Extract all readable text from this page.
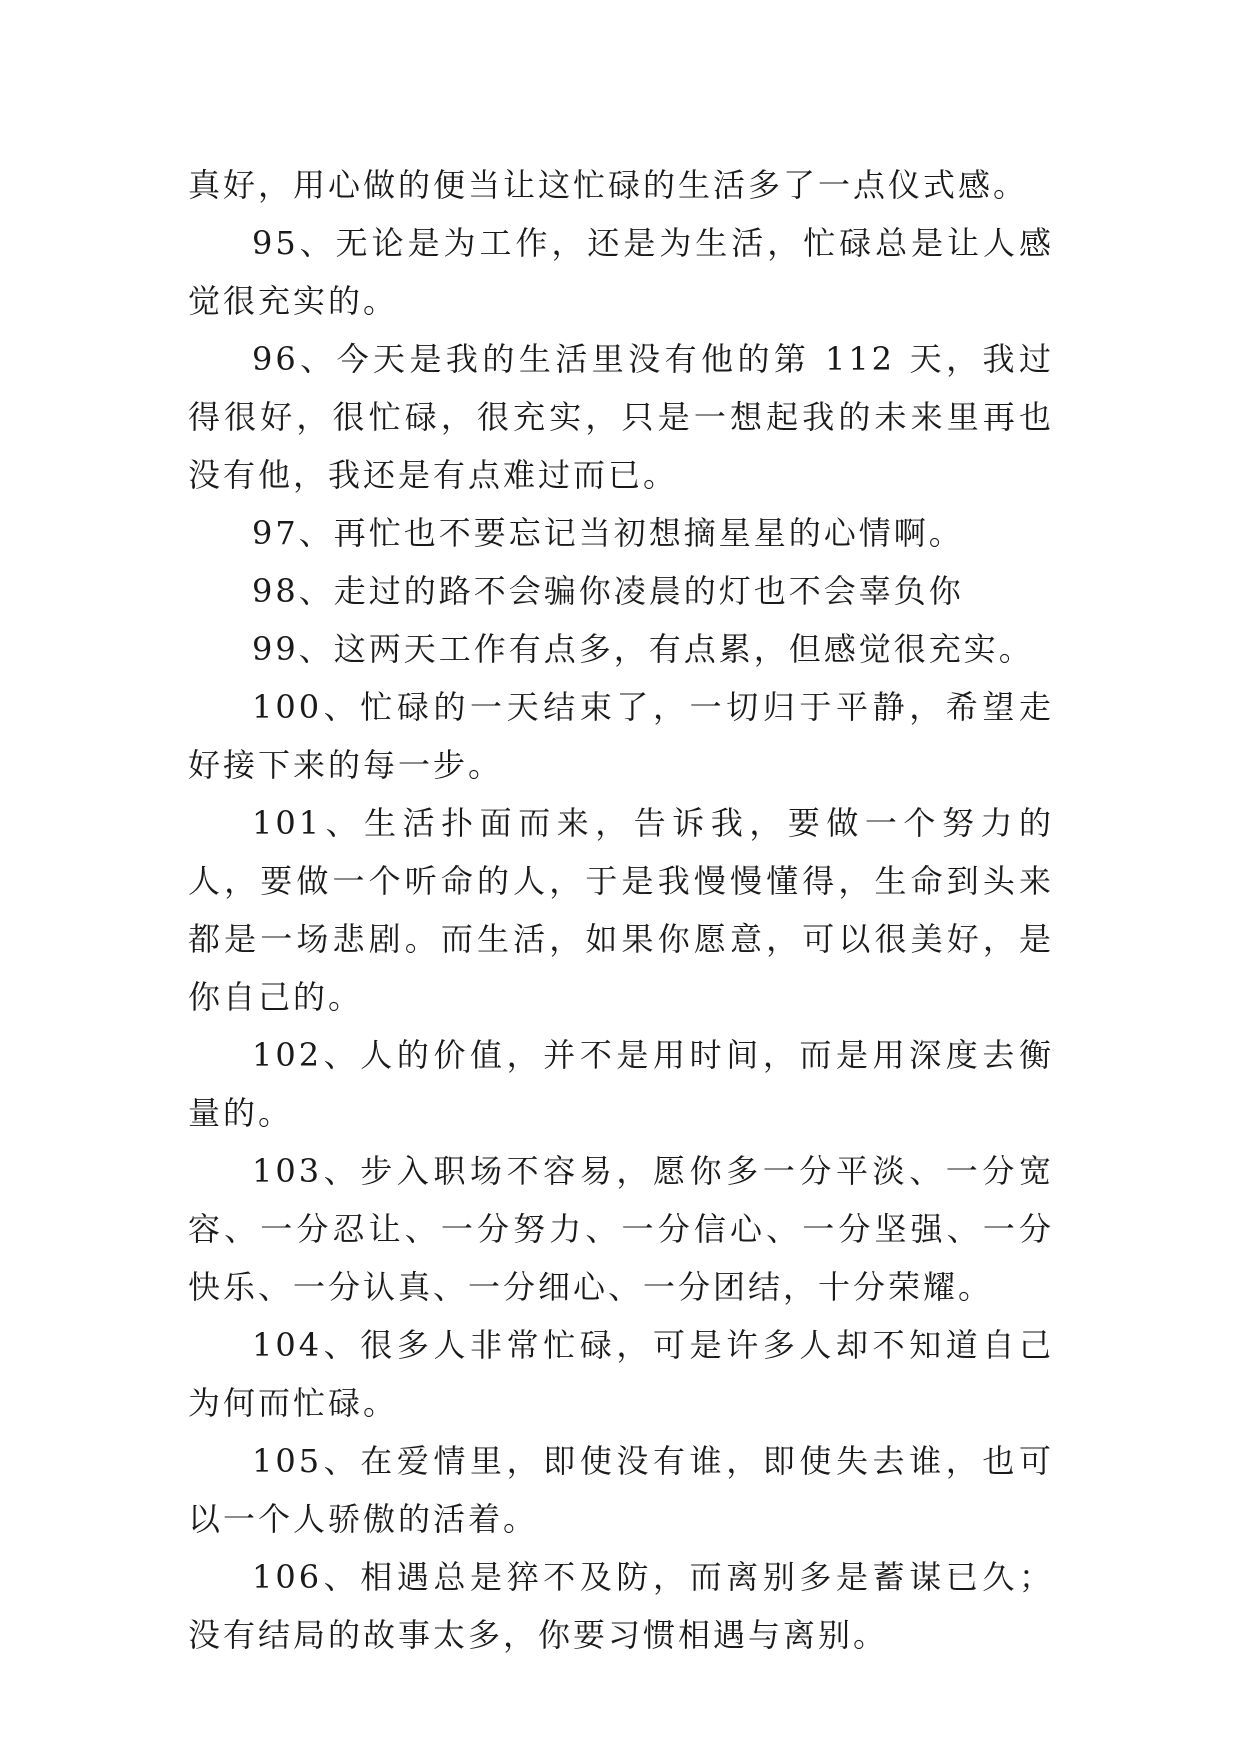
真好，用心做的便当让这忙碌的生活多了一点仪式感。

95、无论是为工作，还是为生活，忙碌总是让人感觉很充实的。

96、今天是我的生活里没有他的第 112 天，我过得很好，很忙碌，很充实，只是一想起我的未来里再也没有他，我还是有点难过而已。

97、再忙也不要忘记当初想摘星星的心情啊。

98、走过的路不会骗你凌晨的灯也不会辜负你

99、这两天工作有点多，有点累，但感觉很充实。

100、忙碌的一天结束了，一切归于平静，希望走好接下来的每一步。

101、生活扑面而来，告诉我，要做一个努力的人，要做一个听命的人，于是我慢慢懂得，生命到头来都是一场悲剧。而生活，如果你愿意，可以很美好，是你自己的。

102、人的价值，并不是用时间，而是用深度去衡量的。

103、步入职场不容易，愿你多一分平淡、一分宽容、一分忍让、一分努力、一分信心、一分坚强、一分快乐、一分认真、一分细心、一分团结，十分荣耀。

104、很多人非常忙碌，可是许多人却不知道自己为何而忙碌。

105、在爱情里，即使没有谁，即使失去谁，也可以一个人骄傲的活着。

106、相遇总是猝不及防，而离别多是蓄谋已久；没有结局的故事太多，你要习惯相遇与离别。
